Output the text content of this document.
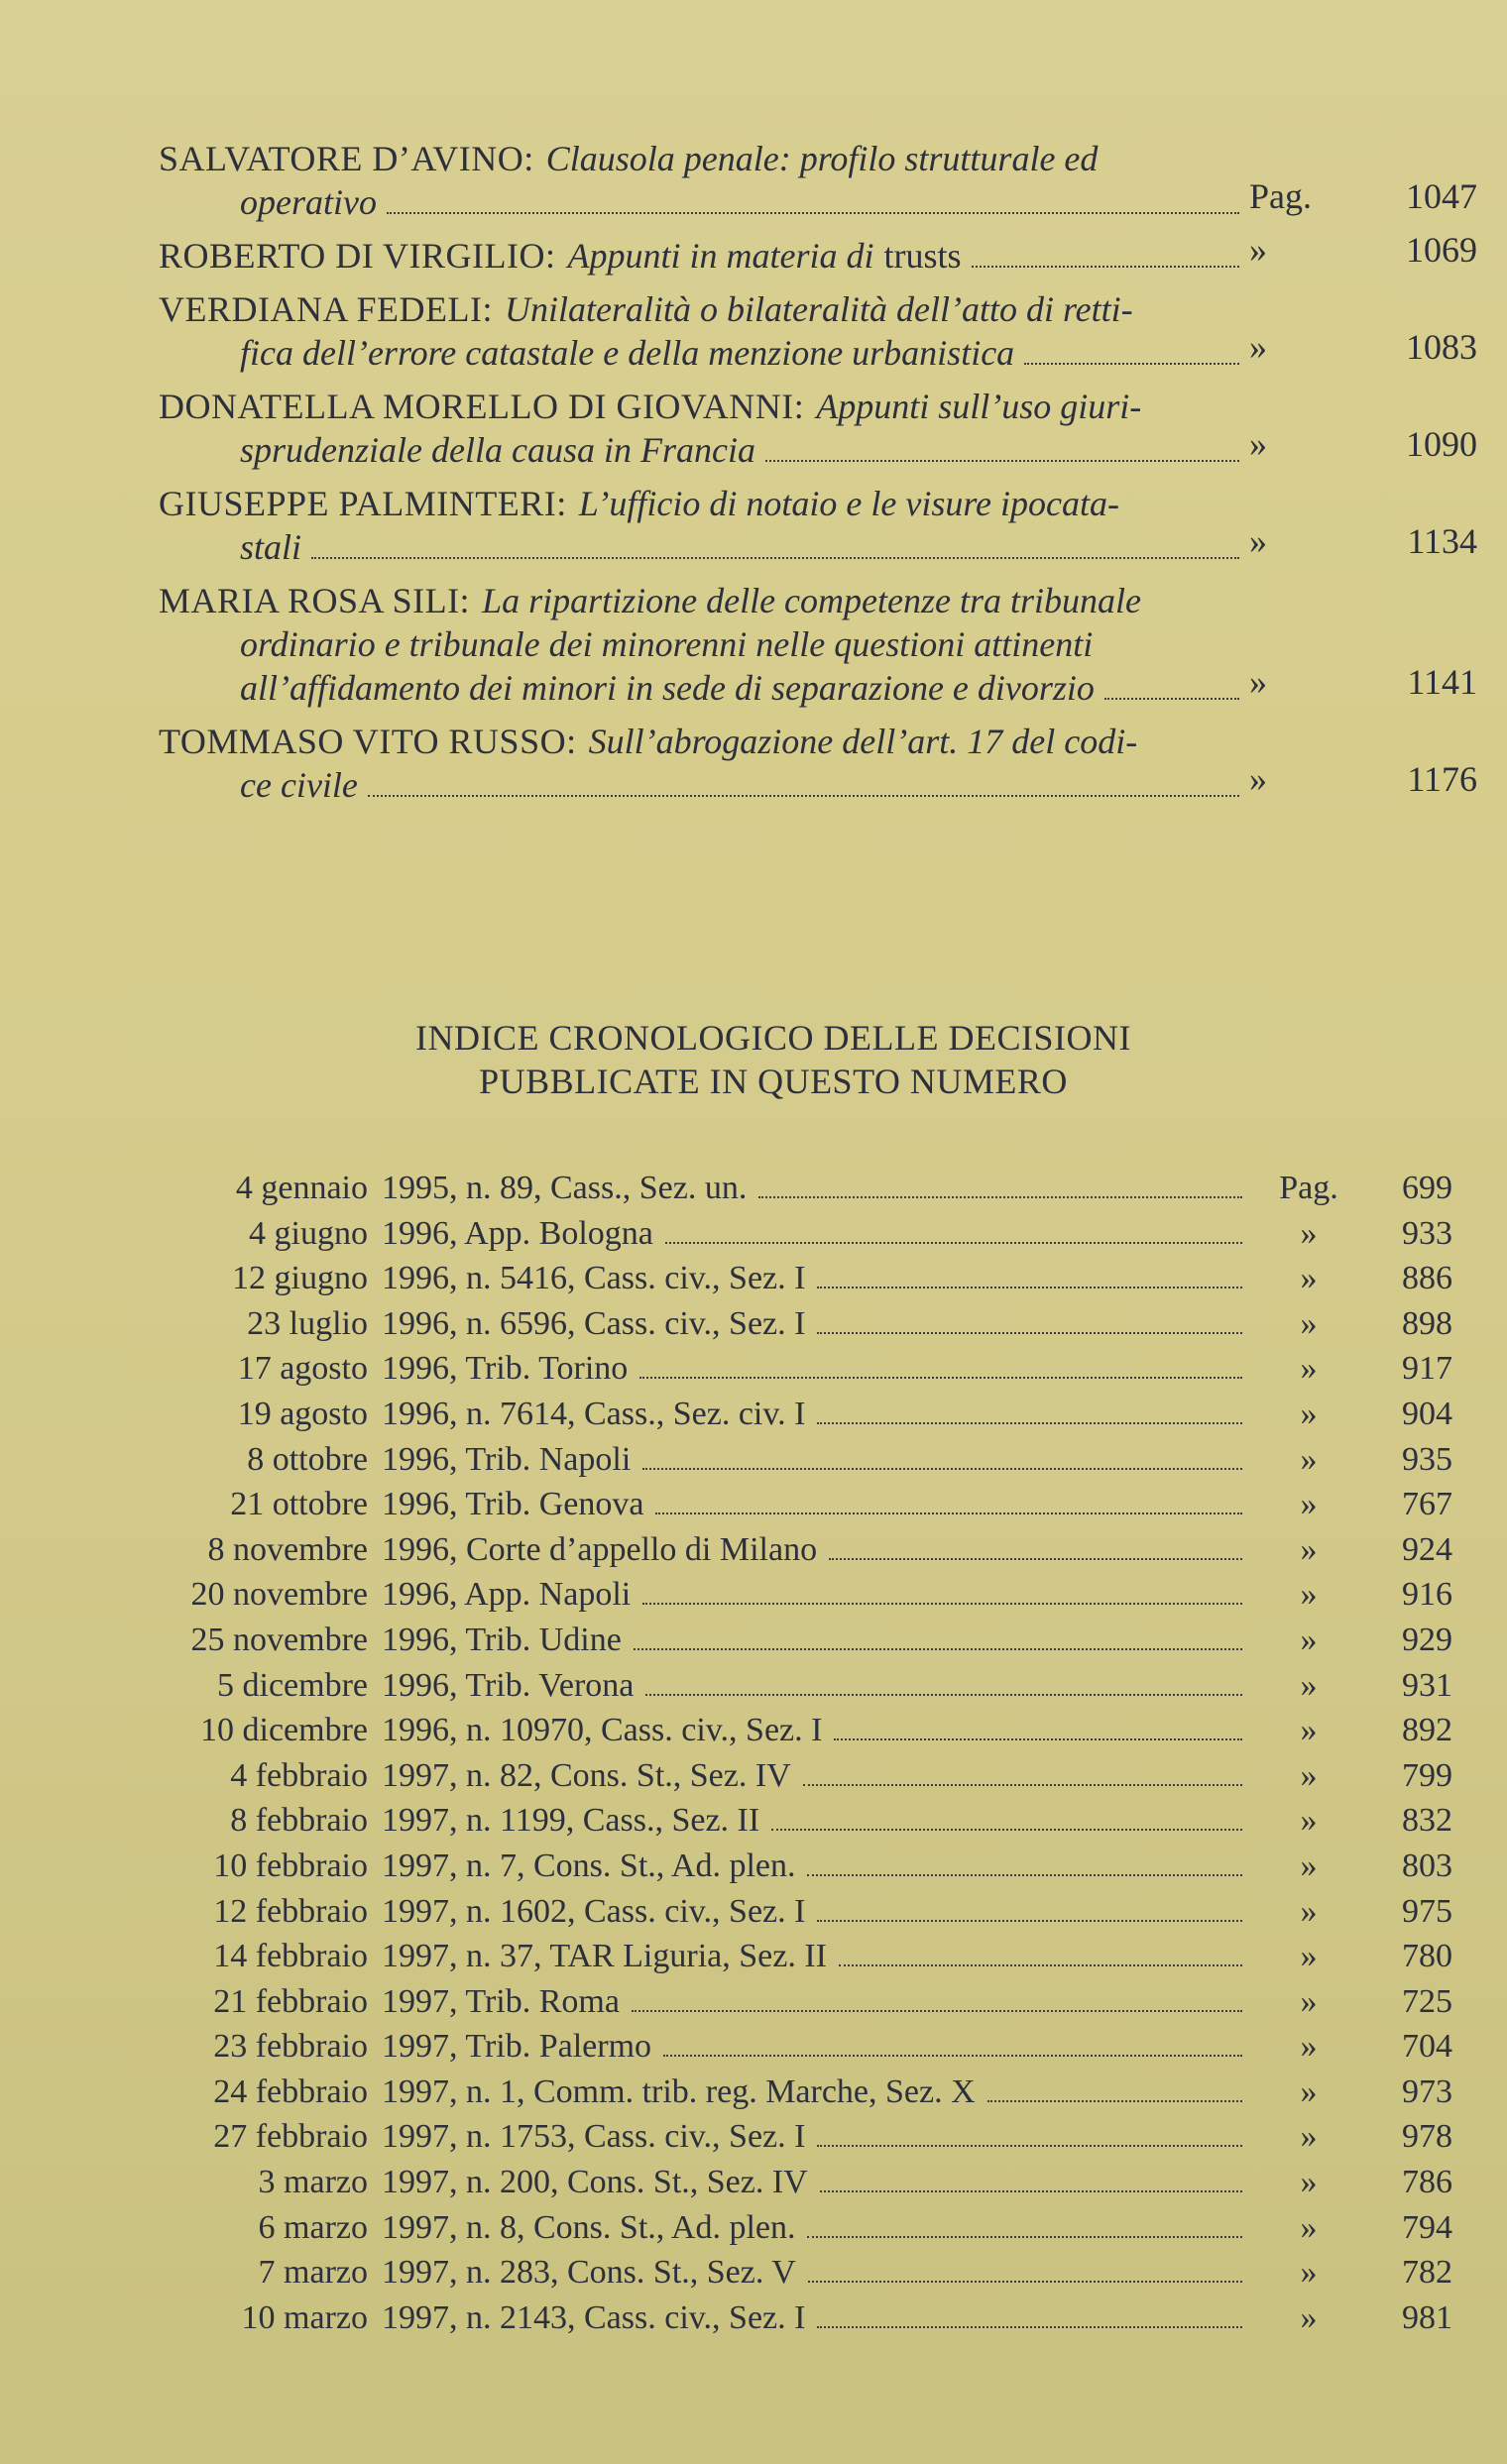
SALVATORE D’AVINO: Clausola penale: profilo strutturale ed
operativo	Pag.	1047
ROBERTO DI VIRGILIO: Appunti in materia di trusts	»	1069
VERDIANA FEDELI: Unilateralità o bilateralità dell’atto di retti-
fica dell’errore catastale e della menzione urbanistica	»	1083
DONATELLA MORELLO DI GIOVANNI: Appunti sull’uso giuri-
sprudenziale della causa in Francia	»	1090
GIUSEPPE PALMINTERI: L’ufficio di notaio e le visure ipocata-
stali	»	1134
MARIA ROSA SILI: La ripartizione delle competenze tra tribunale
ordinario e tribunale dei minorenni nelle questioni attinenti
all’affidamento dei minori in sede di separazione e divorzio	»	1141
TOMMASO VITO RUSSO: Sull’abrogazione dell’art. 17 del codi-
ce civile	»	1176
INDICE CRONOLOGICO DELLE DECISIONI
PUBBLICATE IN QUESTO NUMERO
4 gennaio 1995, n. 89, Cass., Sez. un.	Pag.	699
4 giugno 1996, App. Bologna	»	933
12 giugno 1996, n. 5416, Cass. civ., Sez. I	»	886
23 luglio 1996, n. 6596, Cass. civ., Sez. I	»	898
17 agosto 1996, Trib. Torino	»	917
19 agosto 1996, n. 7614, Cass., Sez. civ. I	»	904
8 ottobre 1996, Trib. Napoli	»	935
21 ottobre 1996, Trib. Genova	»	767
8 novembre 1996, Corte d’appello di Milano	»	924
20 novembre 1996, App. Napoli	»	916
25 novembre 1996, Trib. Udine	»	929
5 dicembre 1996, Trib. Verona	»	931
10 dicembre 1996, n. 10970, Cass. civ., Sez. I	»	892
4 febbraio 1997, n. 82, Cons. St., Sez. IV	»	799
8 febbraio 1997, n. 1199, Cass., Sez. II	»	832
10 febbraio 1997, n. 7, Cons. St., Ad. plen.	»	803
12 febbraio 1997, n. 1602, Cass. civ., Sez. I	»	975
14 febbraio 1997, n. 37, TAR Liguria, Sez. II	»	780
21 febbraio 1997, Trib. Roma	»	725
23 febbraio 1997, Trib. Palermo	»	704
24 febbraio 1997, n. 1, Comm. trib. reg. Marche, Sez. X	»	973
27 febbraio 1997, n. 1753, Cass. civ., Sez. I	»	978
3 marzo 1997, n. 200, Cons. St., Sez. IV	»	786
6 marzo 1997, n. 8, Cons. St., Ad. plen.	»	794
7 marzo 1997, n. 283, Cons. St., Sez. V	»	782
10 marzo 1997, n. 2143, Cass. civ., Sez. I	»	981
